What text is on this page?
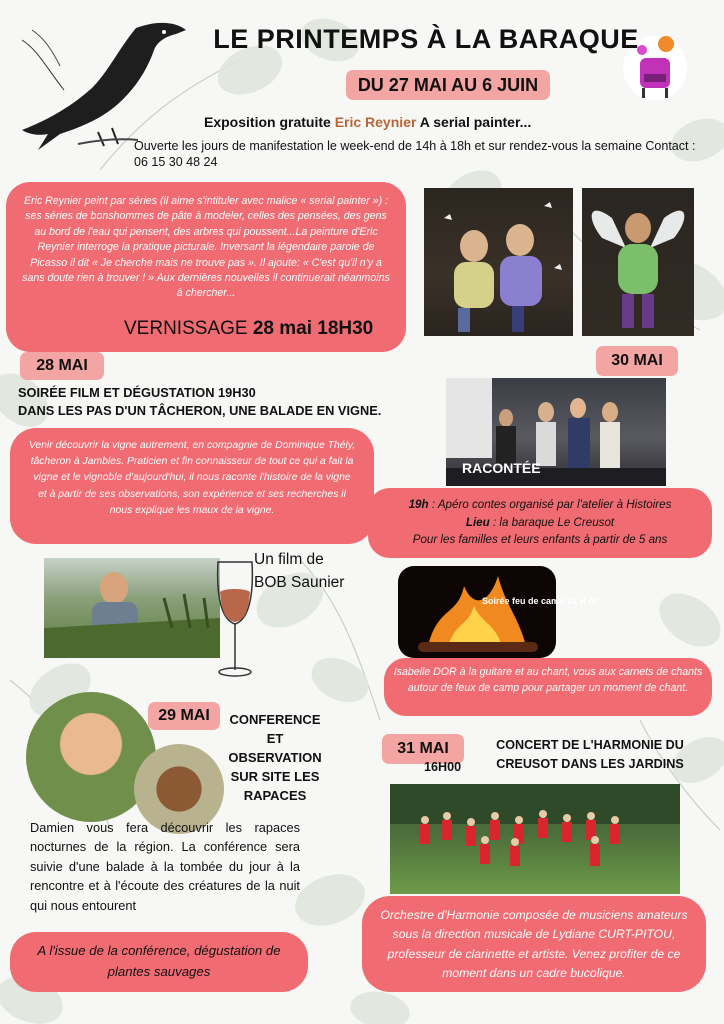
LE PRINTEMPS À LA BARAQUE
DU 27 MAI AU 6 JUIN
Exposition gratuite Eric Reynier A serial painter...
Ouverte les jours de manifestation le week-end de 14h à 18h et sur rendez-vous la semaine Contact : 06 15 30 48 24
Eric Reynier peint par séries (il aime s'intituler avec malice « serial painter ») : ses séries de bonshommes de pâte à modeler, celles des pensées, des gens au bord de l'eau qui pensent, des arbres qui poussent...La peinture d'Eric Reynier interroge la pratique picturale. Inversant la légendaire parole de Picasso il dit « Je cherche mais ne trouve pas ». Il ajoute: « C'est qu'il n'y a sans doute rien à trouver ! » Aux dernières nouvelles il continuerait néanmoins à chercher...
VERNISSAGE 28 mai 18H30
28 MAI
SOIRÉE FILM ET DÉGUSTATION 19H30
DANS LES PAS D'UN TÂCHERON, UNE BALADE EN VIGNE.
Venir découvrir la vigne autrement, en compagnie de Dominique Thély, tâcheron à Jambles. Praticien et fin connaisseur de tout ce qui a fait la vigne et le vignoble d'aujourd'hui, il nous raconte l'histoire de la vigne et à partir de ses observations, son expérience et ses recherches il nous explique les maux de la vigne.
Un film de
BOB Saunier
30 MAI
RACONTÉE
19h : Apéro contes organisé par l'atelier à Histoires
Lieu : la baraque Le Creusot
Pour les familles et leurs enfants à partir de 5 ans
Soirée feu de camp 21 H 00
Isabelle DOR à la guitare et au chant, vous aux carnets de chants autour de feux de camp pour partager un moment de chant.
29 MAI	CONFERENCE ET OBSERVATION SUR SITE LES RAPACES
Damien vous fera découvrir les rapaces nocturnes de la région. La conférence sera suivie d'une balade à la tombée du jour à la rencontre et à l'écoute des créatures de la nuit qui nous entourent
A l'issue de la conférence, dégustation de plantes sauvages
31 MAI
16H00
CONCERT DE L'HARMONIE DU CREUSOT DANS LES JARDINS
Orchestre d'Harmonie composée de musiciens amateurs sous la direction musicale de Lydiane CURT-PITOU, professeur de clarinette et artiste. Venez profiter de ce moment dans un cadre bucolique.
